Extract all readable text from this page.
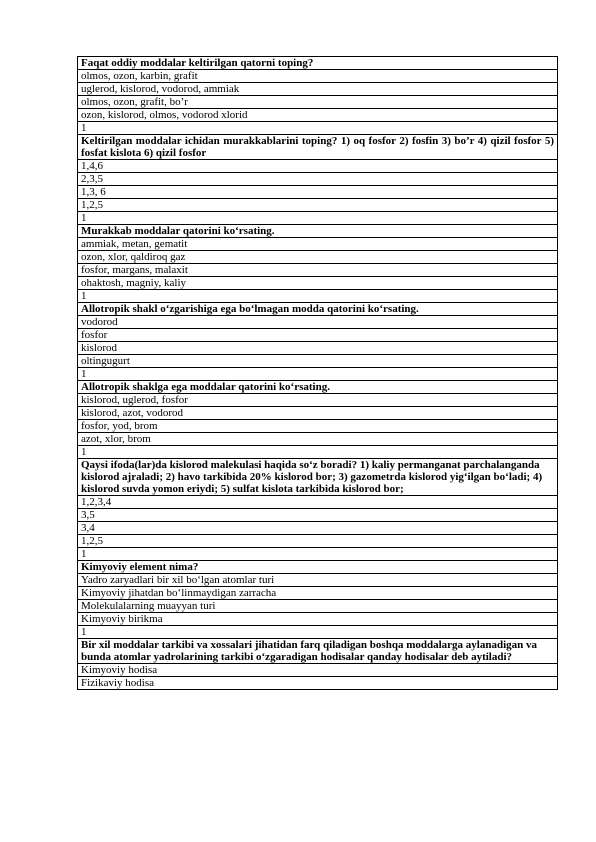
Faqat oddiy moddalar keltirilgan qatorni toping?
olmos, ozon, karbin, grafit
uglerod, kislorod, vodorod, ammiak
olmos, ozon, grafit, bo’r
ozon, kislorod, olmos, vodorod xlorid
1
Keltirilgan moddalar ichidan murakkablarini toping? 1) oq fosfor 2) fosfin 3) bo’r 4) qizil fosfor 5) fosfat kislota 6) qizil fosfor
1,4,6
2,3,5
1,3, 6
1,2,5
1
Murakkab moddalar qatorini ko‘rsating.
ammiak, metan, gematit
ozon, xlor, qaldiroq gaz
fosfor, margans, malaxit
ohaktosh, magniy, kaliy
1
Allotropik shakl o‘zgarishiga ega bo‘lmagan modda qatorini ko‘rsating.
vodorod
fosfor
kislorod
oltingugurt
1
Allotropik shaklga ega moddalar qatorini ko‘rsating.
kislorod, uglerod, fosfor
kislorod, azot, vodorod
fosfor, yod, brom
azot, xlor, brom
1
Qaysi ifoda(lar)da kislorod malekulasi haqida so‘z boradi? 1) kaliy permanganat parchalanganda kislorod ajraladi; 2) havo tarkibida 20% kislorod bor; 3) gazometrda kislorod yig‘ilgan bo‘ladi; 4) kislorod suvda yomon eriydi; 5) sulfat kislota tarkibida kislorod bor;
1,2,3,4
3,5
3,4
1,2,5
1
Kimyoviy element nima?
Yadro zaryadlari bir xil bo‘lgan atomlar turi
Kimyoviy jihatdan bo‘linmaydigan zarracha
Molekulalarning muayyan turi
Kimyoviy birikma
1
Bir xil moddalar tarkibi va xossalari jihatidan farq qiladigan boshqa moddalarga aylanadigan va bunda atomlar yadrolarining tarkibi o‘zgaradigan hodisalar qanday hodisalar deb aytiladi?
Kimyoviy hodisa
Fizikaviy hodisa
